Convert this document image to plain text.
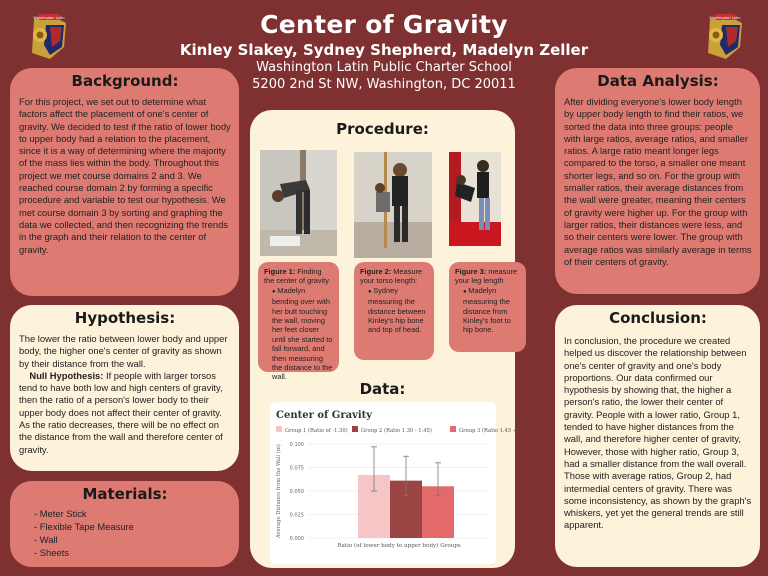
Center of Gravity
Kinley Slakey, Sydney Shepherd, Madelyn Zeller
Washington Latin Public Charter School
5200 2nd St NW, Washington, DC 20011
Washington Latin	Washington Latin
Background:

For this project, we set out to determine what factors affect the placement of one’s center of gravity. We decided to test if the ratio of lower body to upper body had a relation to the placement, since it is a way of determining where the majority of the mass lies within the body. Throughout this project we met course domains 2 and 3. We reached course domain 2 by forming a specific procedure and variable to test our hypothesis. We met course domain 3 by sorting and graphing the data we collected, and then recognizing the trends in the graph and their relation to the center of gravity.

Hypothesis:

The lower the ratio between lower body and upper body, the higher one's center of gravity as shown by their distance from the wall.

Null Hypothesis: If people with larger torsos tend to have both low and high centers of gravity, then the ratio of a person's lower body to their upper body does not affect their center of gravity. As the ratio decreases, there will be no effect on the distance from the wall and therefore center of gravity.

Materials:
- Meter Stick
- Flexible Tape Measure
- Wall
- Sheets
Procedure:
Figure 1: Finding the center of gravity
● Madelyn bending over with her butt touching the wall, moving her feet closer until she started to fall forward, and then measuring the distance to the wall.
Figure 2: Measure your torso length:
● Sydney measuring the distance between Kinley's hip bone and top of head.
Figure 3: measure your leg length
● Madelyn measuring the distance from Kinley's foot to hip bone.
Data:
Center of Gravity
Group 1 (Ratio of -1.30)	Group 2 (Ratio 1.30 - 1.45)	Group 3 (Ratio 1.45 +)
0.100
0.075
0.050
0.025
0.000
Average Distance from the Wall (m)
Ratio (of lower body to upper body) Groups
Data Analysis:

After dividing everyone's lower body length by upper body length to find their ratios, we sorted the data into three groups: people with large ratios, average ratios, and smaller ratios. A large ratio meant longer legs compared to the torso, a smaller one meant shorter legs, and so on. For the group with smaller ratios, their average distances from the wall were greater, meaning their centers of gravity were higher up. For the group with larger ratios, their distances were less, and so their centers were lower. The group with average ratios was similarly average in terms of their centers of gravity.

Conclusion:

In conclusion, the procedure we created helped us discover the relationship between one's center of gravity and one's body proportions. Our data confirmed our hypothesis by showing that, the higher a person's ratio, the lower their center of gravity. People with a lower ratio, Group 1, tended to have higher distances from the wall, and therefore higher center of gravity, However, those with higher ratio, Group 3, had a smaller distance from the wall overall. Those with average ratios, Group 2, had intermedial centers of gravity. There was some inconsistency, as shown by the graph's whiskers, yet yet the general trends are still apparent.
